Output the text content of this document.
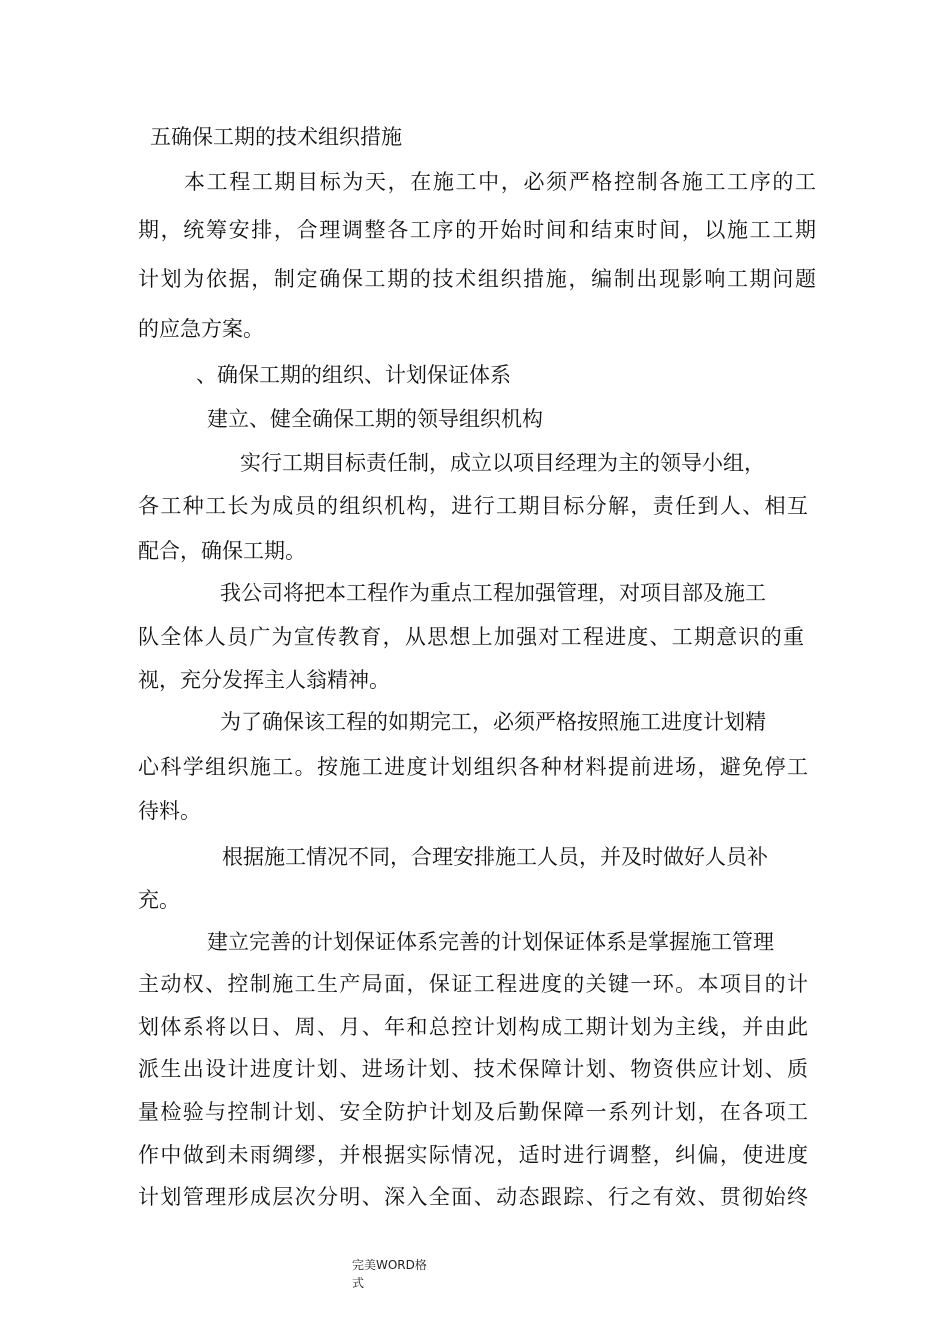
五确保工期的技术组织措施

本工程工期目标为天，在施工中，必须严格控制各施工工序的工

期，统筹安排，合理调整各工序的开始时间和结束时间，以施工工期

计划为依据，制定确保工期的技术组织措施，编制出现影响工期问题

的应急方案。

、确保工期的组织、计划保证体系
建立、健全确保工期的领导组织机构

实行工期目标责任制，成立以项目经理为主的领导小组，

各工种工长为成员的组织机构，进行工期目标分解，责任到人、相互

配合，确保工期。

我公司将把本工程作为重点工程加强管理，对项目部及施工

队全体人员广为宣传教育，从思想上加强对工程进度、工期意识的重

视，充分发挥主人翁精神。

为了确保该工程的如期完工，必须严格按照施工进度计划精

心科学组织施工。按施工进度计划组织各种材料提前进场，避免停工

待料。

根据施工情况不同，合理安排施工人员，并及时做好人员补

充。

建立完善的计划保证体系完善的计划保证体系是掌握施工管理

主动权、控制施工生产局面，保证工程进度的关键一环。本项目的计

划体系将以日、周、月、年和总控计划构成工期计划为主线，并由此

派生出设计进度计划、进场计划、技术保障计划、物资供应计划、质

量检验与控制计划、安全防护计划及后勤保障一系列计划，在各项工

作中做到未雨绸缪，并根据实际情况，适时进行调整，纠偏，使进度

计划管理形成层次分明、深入全面、动态跟踪、行之有效、贯彻始终

完美WORD格
式
